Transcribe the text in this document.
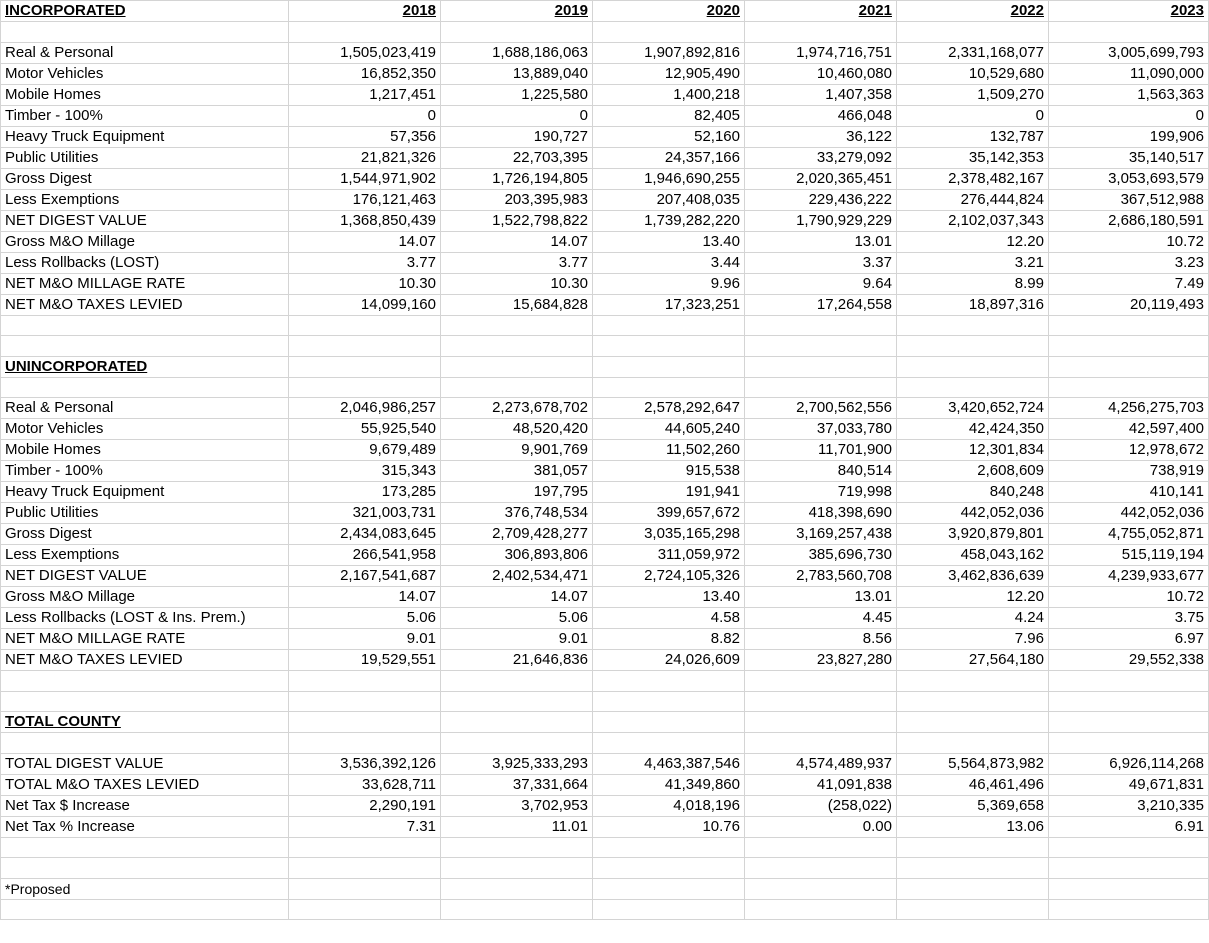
INCORPORATED	2018	2019	2020	2021	2022	2023

Real & Personal	1,505,023,419	1,688,186,063	1,907,892,816	1,974,716,751	2,331,168,077	3,005,699,793
Motor Vehicles	16,852,350	13,889,040	12,905,490	10,460,080	10,529,680	11,090,000
Mobile Homes	1,217,451	1,225,580	1,400,218	1,407,358	1,509,270	1,563,363
Timber - 100%	0	0	82,405	466,048	0	0
Heavy Truck Equipment	57,356	190,727	52,160	36,122	132,787	199,906
Public Utilities	21,821,326	22,703,395	24,357,166	33,279,092	35,142,353	35,140,517
Gross Digest	1,544,971,902	1,726,194,805	1,946,690,255	2,020,365,451	2,378,482,167	3,053,693,579
Less Exemptions	176,121,463	203,395,983	207,408,035	229,436,222	276,444,824	367,512,988
NET DIGEST VALUE	1,368,850,439	1,522,798,822	1,739,282,220	1,790,929,229	2,102,037,343	2,686,180,591
Gross M&O Millage	14.07	14.07	13.40	13.01	12.20	10.72
Less Rollbacks (LOST)	3.77	3.77	3.44	3.37	3.21	3.23
NET M&O MILLAGE RATE	10.30	10.30	9.96	9.64	8.99	7.49
NET M&O TAXES LEVIED	14,099,160	15,684,828	17,323,251	17,264,558	18,897,316	20,119,493

UNINCORPORATED						

Real & Personal	2,046,986,257	2,273,678,702	2,578,292,647	2,700,562,556	3,420,652,724	4,256,275,703
Motor Vehicles	55,925,540	48,520,420	44,605,240	37,033,780	42,424,350	42,597,400
Mobile Homes	9,679,489	9,901,769	11,502,260	11,701,900	12,301,834	12,978,672
Timber - 100%	315,343	381,057	915,538	840,514	2,608,609	738,919
Heavy Truck Equipment	173,285	197,795	191,941	719,998	840,248	410,141
Public Utilities	321,003,731	376,748,534	399,657,672	418,398,690	442,052,036	442,052,036
Gross Digest	2,434,083,645	2,709,428,277	3,035,165,298	3,169,257,438	3,920,879,801	4,755,052,871
Less Exemptions	266,541,958	306,893,806	311,059,972	385,696,730	458,043,162	515,119,194
NET DIGEST VALUE	2,167,541,687	2,402,534,471	2,724,105,326	2,783,560,708	3,462,836,639	4,239,933,677
Gross M&O Millage	14.07	14.07	13.40	13.01	12.20	10.72
Less Rollbacks (LOST & Ins. Prem.)	5.06	5.06	4.58	4.45	4.24	3.75
NET M&O MILLAGE RATE	9.01	9.01	8.82	8.56	7.96	6.97
NET M&O TAXES LEVIED	19,529,551	21,646,836	24,026,609	23,827,280	27,564,180	29,552,338

TOTAL COUNTY						

TOTAL DIGEST VALUE	3,536,392,126	3,925,333,293	4,463,387,546	4,574,489,937	5,564,873,982	6,926,114,268
TOTAL M&O TAXES LEVIED	33,628,711	37,331,664	41,349,860	41,091,838	46,461,496	49,671,831
Net Tax $ Increase	2,290,191	3,702,953	4,018,196	(258,022)	5,369,658	3,210,335
Net Tax % Increase	7.31	11.01	10.76	0.00	13.06	6.91

*Proposed						
